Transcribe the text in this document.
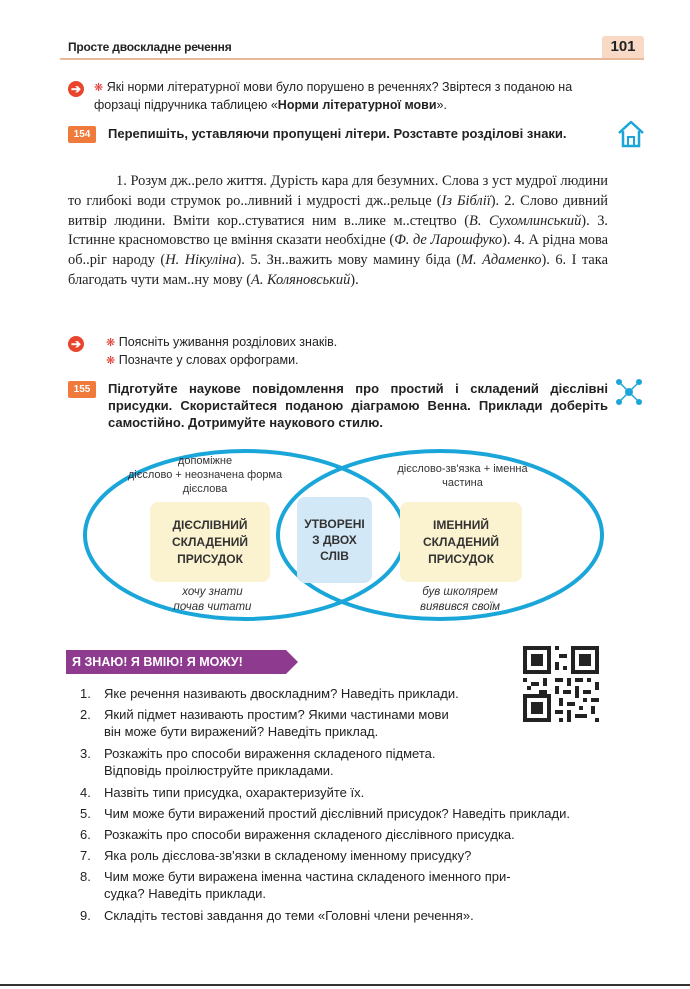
Просте двоскладне речення	101
➔ ❋ Які норми літературної мови було порушено в реченнях? Звіртеся з поданою на форзаці підручника таблицею «Норми літературної мови».
154	Перепишіть, уставляючи пропущені літери. Розставте розділові знаки.
1. Розум дж..рело життя. Дурість кара для безумних. Слова з уст мудрої людини то глибокі води струмок ро..ливний і мудрості дж..рельце (Із Біблії). 2. Слово дивний витвір людини. Вміти кор..стуватися ним в..лике м..стецтво (В. Сухомлинський). 3. Істинне красномовство це вміння сказати необхідне (Ф. де Ларошфуко). 4. А рідна мова об..ріг народу (Н. Нікуліна). 5. Зн..важить мову мамину біда (М. Адаменко). 6. І така благодать чути мам..ну мову (А. Коляновський).
➔ ❋ Поясніть уживання розділових знаків.
❋ Позначте у словах орфограми.
155	Підготуйте наукове повідомлення про простий і складений дієслівні присудки. Скористайтеся поданою діаграмою Венна. Приклади доберіть самостійно. Дотримуйте наукового стилю.
допоміжне
дієслово + неозначена форма
дієслова
ДІЄСЛІВНИЙ
СКЛАДЕНИЙ
ПРИСУДОК
хочу знати
почав читати
УТВОРЕНІ
З ДВОХ
СЛІВ
дієслово-зв'язка + іменна
частина
ІМЕННИЙ
СКЛАДЕНИЙ
ПРИСУДОК
був школярем
виявився своїм
Я ЗНАЮ! Я ВМІЮ! Я МОЖУ!
1.	Яке речення називають двоскладним? Наведіть приклади.
2.	Який підмет називають простим? Якими частинами мови
він може бути виражений? Наведіть приклад.
3.	Розкажіть про способи вираження складеного підмета.
Відповідь проілюструйте прикладами.
4.	Назвіть типи присудка, охарактеризуйте їх.
5.	Чим може бути виражений простий дієслівний присудок? Наведіть приклади.
6.	Розкажіть про способи вираження складеного дієслівного присудка.
7.	Яка роль дієслова-зв'язки в складеному іменному присудку?
8.	Чим може бути виражена іменна частина складеного іменного при-
судка? Наведіть приклади.
9.	Складіть тестові завдання до теми «Головні члени речення».
